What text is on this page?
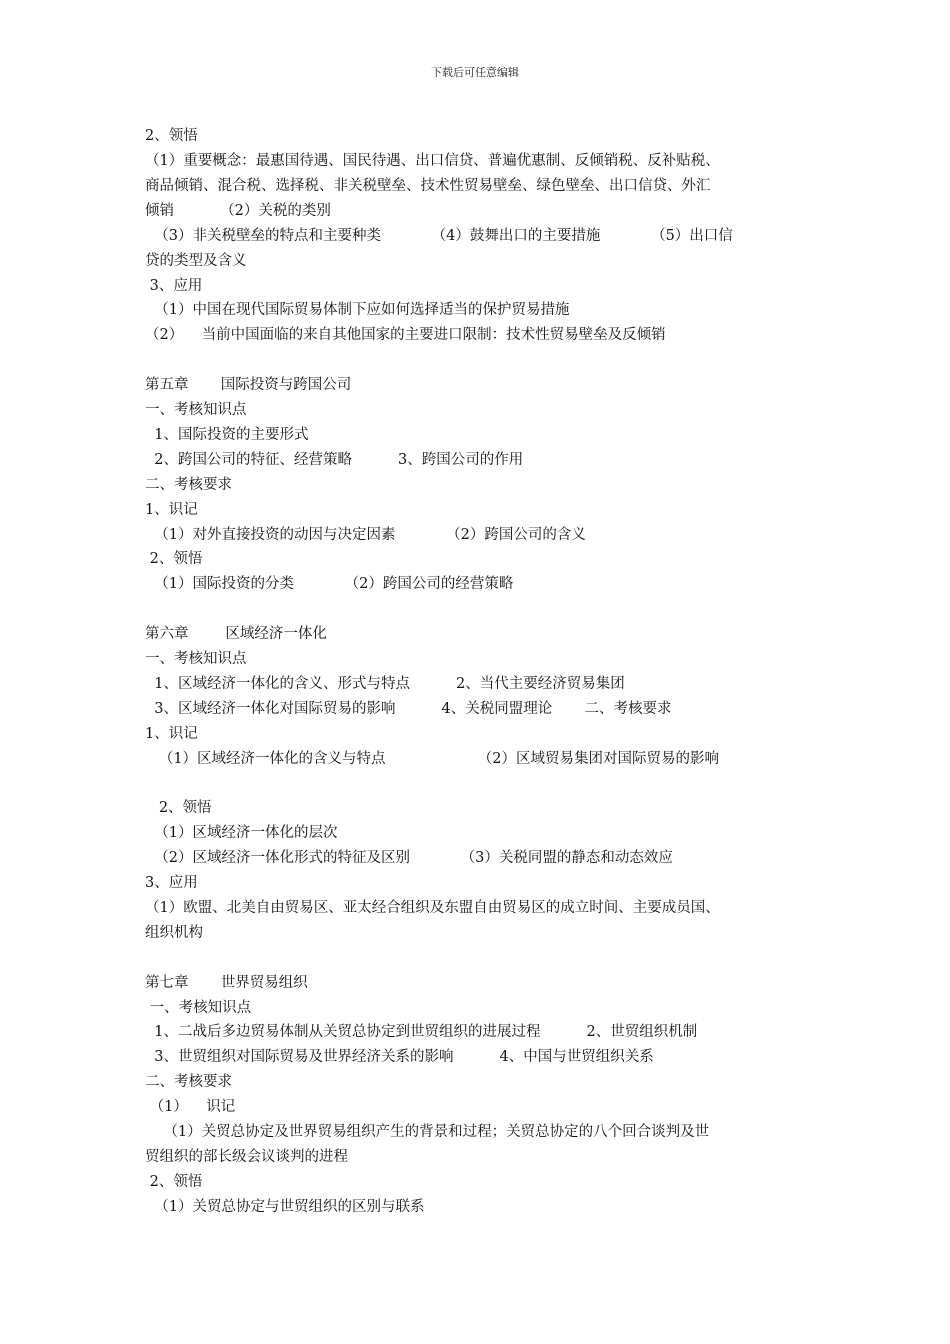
下载后可任意编辑
2、领悟
（1）重要概念：最惠国待遇、国民待遇、出口信贷、普遍优惠制、反倾销税、反补贴税、
商品倾销、混合税、选择税、非关税壁垒、技术性贸易壁垒、绿色壁垒、出口信贷、外汇
倾销          （2）关税的类别
（3）非关税壁垒的特点和主要种类           （4）鼓舞出口的主要措施           （5）出口信
贷的类型及含义
3、应用
（1）中国在现代国际贸易体制下应如何选择适当的保护贸易措施
（2）    当前中国面临的来自其他国家的主要进口限制：技术性贸易壁垒及反倾销
第五章       国际投资与跨国公司
一、考核知识点
1、国际投资的主要形式
2、跨国公司的特征、经营策略          3、跨国公司的作用
二、考核要求
1、识记
（1）对外直接投资的动因与决定因素           （2）跨国公司的含义
2、领悟
（1）国际投资的分类           （2）跨国公司的经营策略
第六章        区域经济一体化
一、考核知识点
1、区域经济一体化的含义、形式与特点          2、当代主要经济贸易集团
3、区域经济一体化对国际贸易的影响          4、关税同盟理论       二、考核要求
1、识记
（1）区域经济一体化的含义与特点                    （2）区域贸易集团对国际贸易的影响
2、领悟
（1）区域经济一体化的层次
（2）区域经济一体化形式的特征及区别           （3）关税同盟的静态和动态效应
3、应用
（1）欧盟、北美自由贸易区、亚太经合组织及东盟自由贸易区的成立时间、主要成员国、
组织机构
第七章       世界贸易组织
一、考核知识点
1、二战后多边贸易体制从关贸总协定到世贸组织的进展过程          2、世贸组织机制
3、世贸组织对国际贸易及世界经济关系的影响          4、中国与世贸组织关系
二、考核要求
（1）    识记
（1）关贸总协定及世界贸易组织产生的背景和过程；关贸总协定的八个回合谈判及世
贸组织的部长级会议谈判的进程
2、领悟
（1）关贸总协定与世贸组织的区别与联系
